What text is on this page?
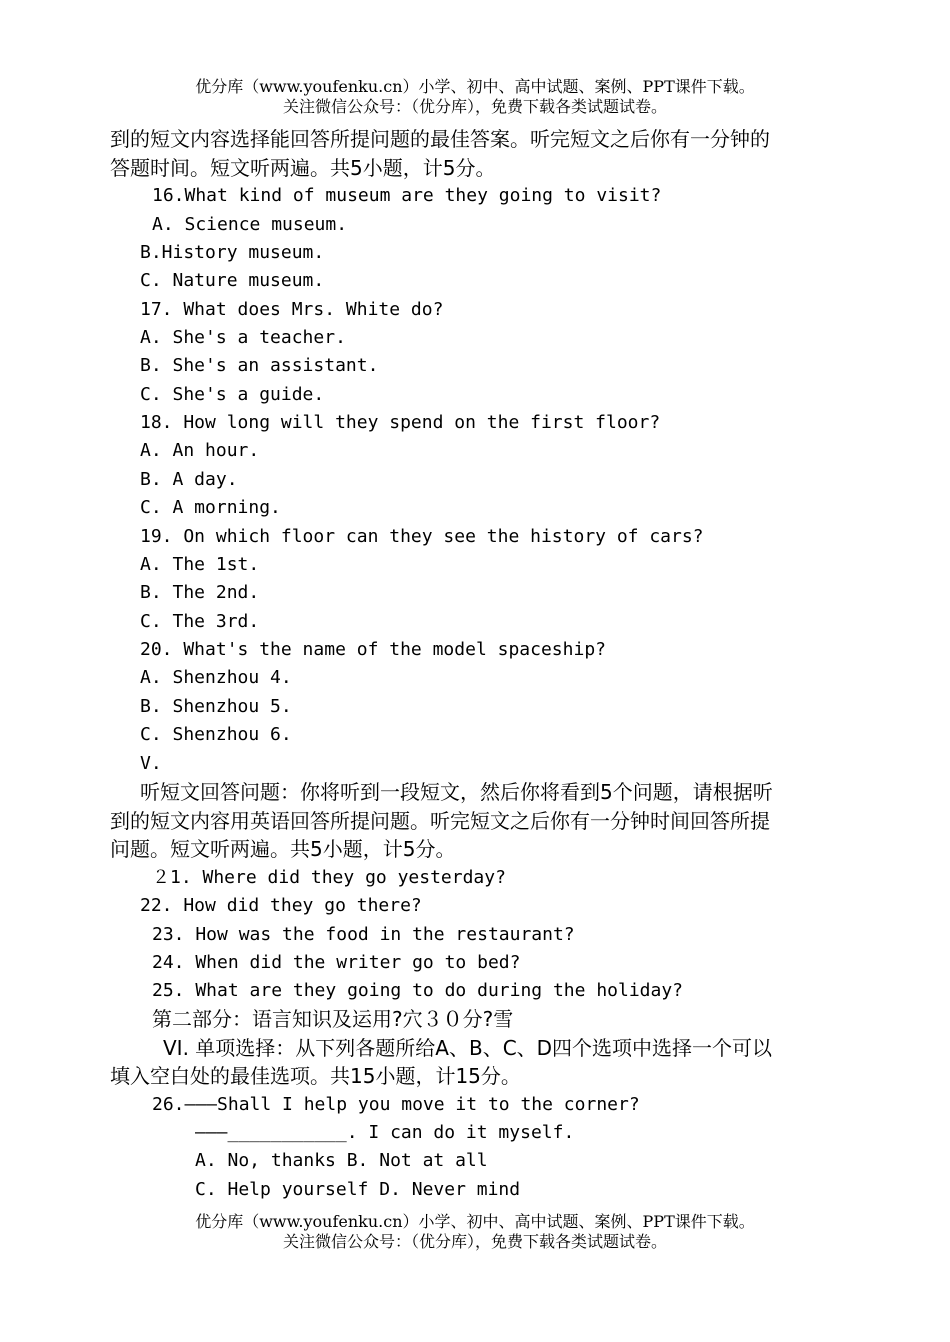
优分库（www.youfenku.cn）小学、初中、高中试题、案例、PPT课件下载。
关注微信公众号：（优分库），免费下载各类试题试卷。
到的短文内容选择能回答所提问题的最佳答案。听完短文之后你有一分钟的
答题时间。短文听两遍。共5小题，计5分。
16.What kind of museum are they going to visit?
A. Science museum.
B.History museum.
C. Nature museum.
17. What does Mrs. White do?
A. She's a teacher.
B. She's an assistant.
C. She's a guide.
18. How long will they spend on the first floor?
A. An hour.
B. A day.
C. A morning.
19. On which floor can they see the history of cars?
A. The 1st.
B. The 2nd.
C. The 3rd.
20. What's the name of the model spaceship?
A. Shenzhou 4.
B. Shenzhou 5.
C. Shenzhou 6.
V.
听短文回答问题：你将听到一段短文，然后你将看到5个问题，请根据听
到的短文内容用英语回答所提问题。听完短文之后你有一分钟时间回答所提
问题。短文听两遍。共5小题，计5分。
２1. Where did they go yesterday?
22. How did they go there?
23. How was the food in the restaurant?
24. When did the writer go to bed?
25. What are they going to do during the holiday?
第二部分：语言知识及运用?穴３０分?雪
VI. 单项选择：从下列各题所给A、B、C、D四个选项中选择一个可以
填入空白处的最佳选项。共15小题，计15分。
26.———Shall I help you move it to the corner?
———___________. I can do it myself.
A. No, thanks B. Not at all
C. Help yourself D. Never mind
优分库（www.youfenku.cn）小学、初中、高中试题、案例、PPT课件下载。
关注微信公众号：（优分库），免费下载各类试题试卷。
